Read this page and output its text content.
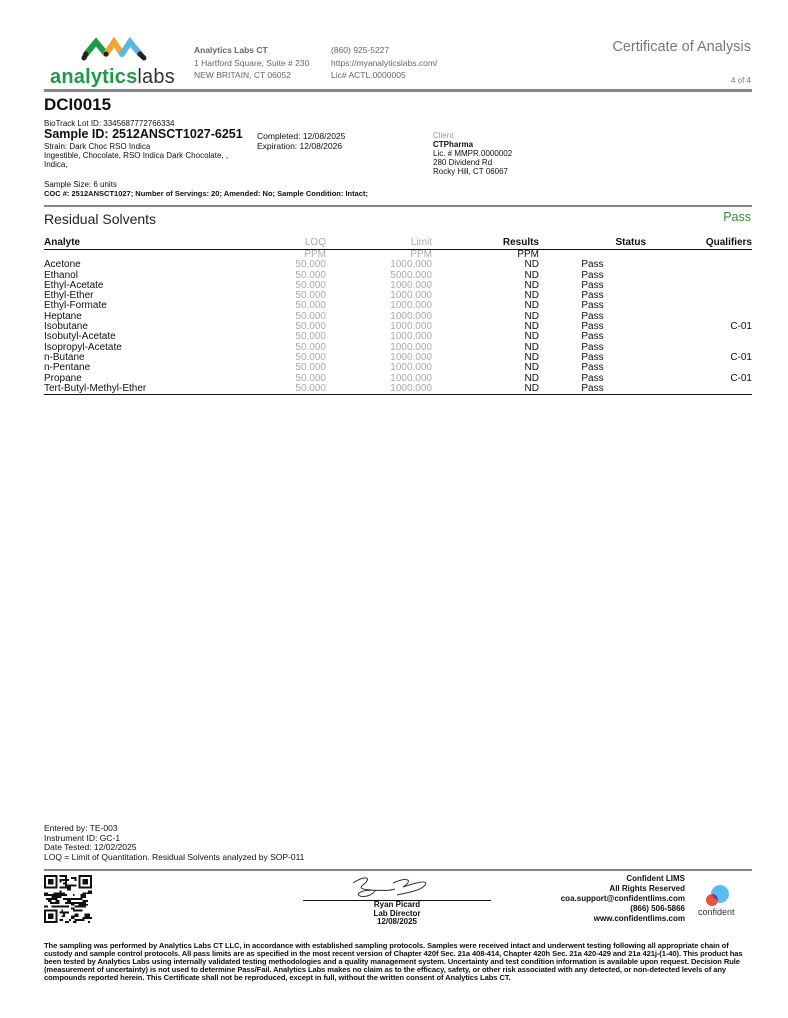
analyticslabs
Analytics Labs CT
1 Hartford Square, Suite # 230
NEW BRITAIN, CT 06052
(860) 925-5227
https://myanalyticslabs.com/
Lic# ACTL.0000005
Certificate of Analysis
4 of 4
DCI0015
BioTrack Lot ID: 3345687772766334
Sample ID: 2512ANSCT1027-6251
Strain: Dark Choc RSO Indica
Ingestible, Chocolate, RSO Indica Dark Chocolate, ,
Indica,
Completed: 12/08/2025
Expiration: 12/08/2026
Client
CTPharma
Lic. # MMPR.0000002
280 Dividend Rd
Rocky Hill, CT 06067
Sample Size: 6 units
COC #: 2512ANSCT1027; Number of Servings: 20; Amended: No; Sample Condition: Intact;
Residual Solvents	Pass
Analyte	LOQ	Limit	Results	Status	Qualifiers
	PPM	PPM	PPM		
Acetone	50.000	1000.000	ND	Pass	
Ethanol	50.000	5000.000	ND	Pass	
Ethyl-Acetate	50.000	1000.000	ND	Pass	
Ethyl-Ether	50.000	1000.000	ND	Pass	
Ethyl-Formate	50.000	1000.000	ND	Pass	
Heptane	50.000	1000.000	ND	Pass	
Isobutane	50.000	1000.000	ND	Pass	C-01
Isobutyl-Acetate	50.000	1000.000	ND	Pass	
Isopropyl-Acetate	50.000	1000.000	ND	Pass	
n-Butane	50.000	1000.000	ND	Pass	C-01
n-Pentane	50.000	1000.000	ND	Pass	
Propane	50.000	1000.000	ND	Pass	C-01
Tert-Butyl-Methyl-Ether	50.000	1000.000	ND	Pass	
Entered by: TE-003
Instrument ID: GC-1
Date Tested: 12/02/2025
LOQ = Limit of Quantitation. Residual Solvents analyzed by SOP-011
Ryan Picard
Lab Director
12/08/2025
Confident LIMS
All Rights Reserved
coa.support@confidentlims.com
(866) 506-5866
www.confidentlims.com
confident
The sampling was performed by Analytics Labs CT LLC, in accordance with established sampling protocols. Samples were received intact and underwent testing following all appropriate chain of custody and sample control protocols. All pass limits are as specified in the most recent version of Chapter 420f Sec. 21a 408-414, Chapter 420h Sec. 21a 420-429 and 21a 421j-(1-40). This product has been tested by Analytics Labs using internally validated testing methodologies and a quality management system. Uncertainty and test condition information is available upon request. Decision Rule (measurement of uncertainty) is not used to determine Pass/Fail. Analytics Labs makes no claim as to the efficacy, safety, or other risk associated with any detected, or non-detected levels of any compounds reported herein. This Certificate shall not be reproduced, except in full, without the written consent of Analytics Labs CT.
